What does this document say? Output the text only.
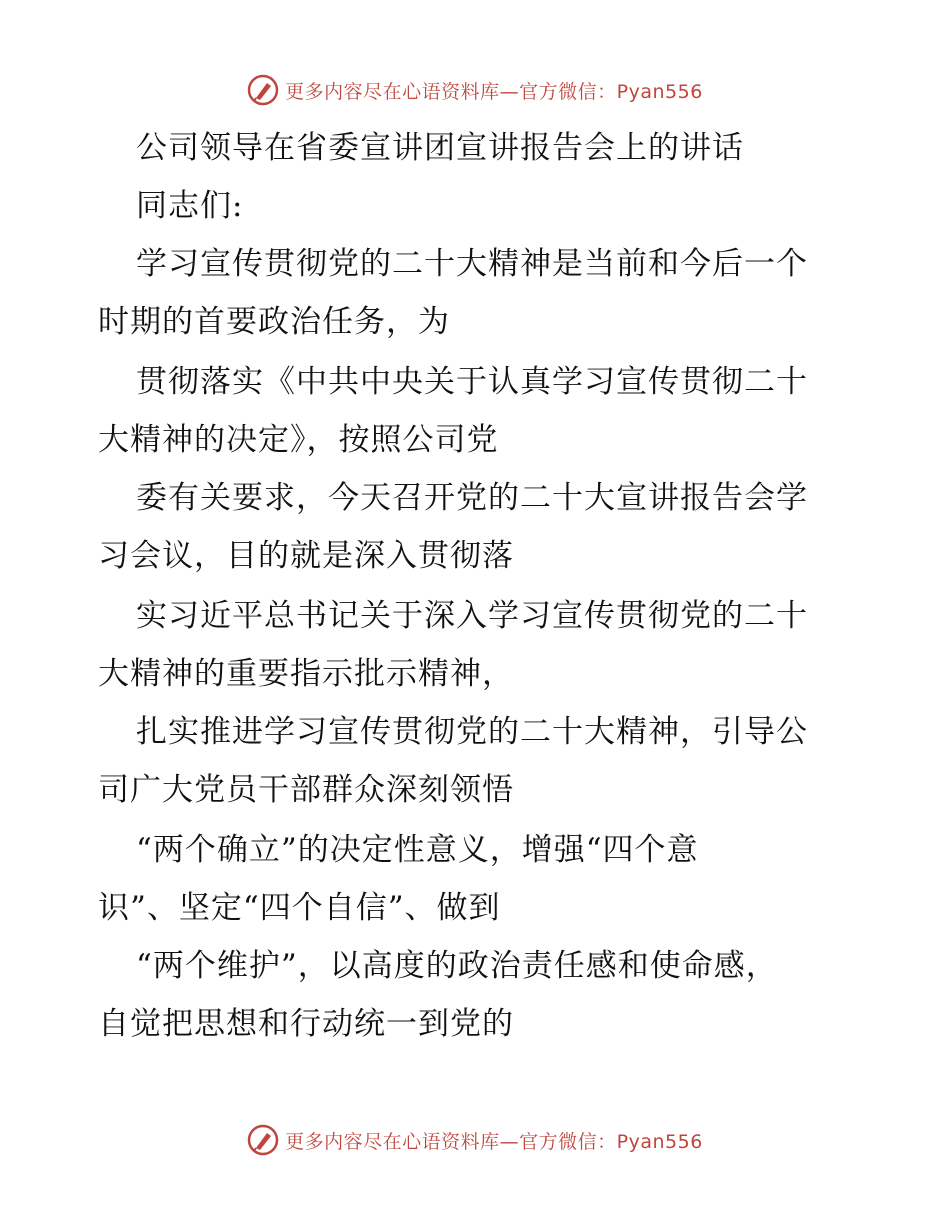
更多内容尽在心语资料库—官方微信：Pyan556
公司领导在省委宣讲团宣讲报告会上的讲话
同志们:
学习宣传贯彻党的二十大精神是当前和今后一个
时期的首要政治任务，为
贯彻落实《中共中央关于认真学习宣传贯彻二十
大精神的决定》，按照公司党
委有关要求，今天召开党的二十大宣讲报告会学
习会议，目的就是深入贯彻落
实习近平总书记关于深入学习宣传贯彻党的二十
大精神的重要指示批示精神，
扎实推进学习宣传贯彻党的二十大精神，引导公
司广大党员干部群众深刻领悟
“两个确立”的决定性意义，增强“四个意
识”、坚定“四个自信”、做到
“两个维护”，以高度的政治责任感和使命感，
自觉把思想和行动统一到党的
更多内容尽在心语资料库—官方微信：Pyan556
